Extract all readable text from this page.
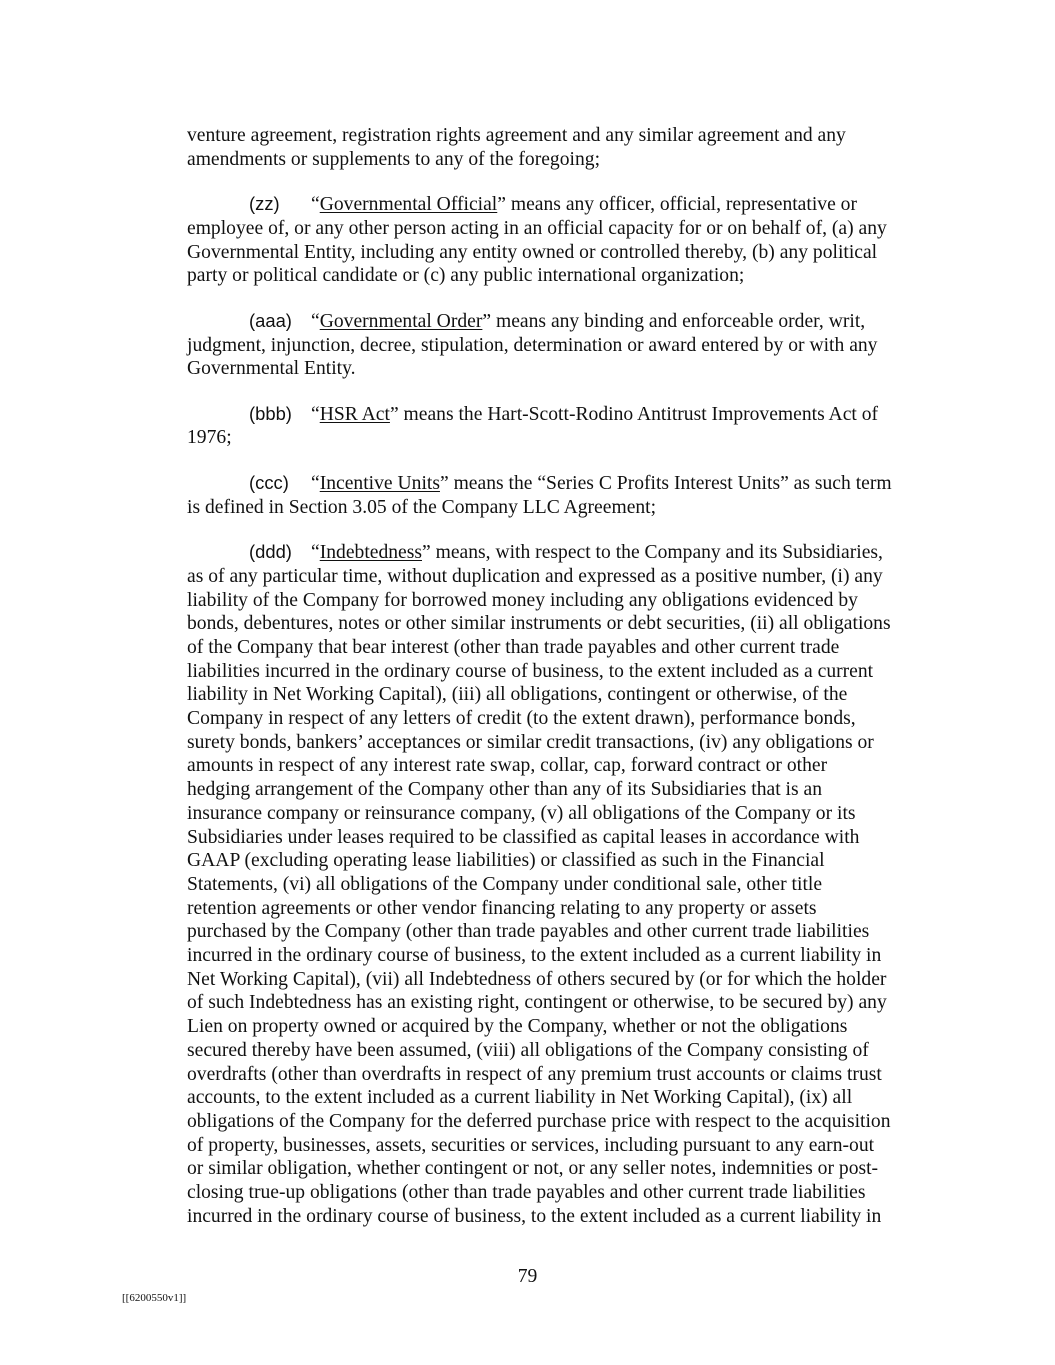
venture agreement, registration rights agreement and any similar agreement and any
amendments or supplements to any of the foregoing;
(zz) “Governmental Official” means any officer, official, representative or
employee of, or any other person acting in an official capacity for or on behalf of, (a) any
Governmental Entity, including any entity owned or controlled thereby, (b) any political
party or political candidate or (c) any public international organization;
(aaa) “Governmental Order” means any binding and enforceable order, writ,
judgment, injunction, decree, stipulation, determination or award entered by or with any
Governmental Entity.
(bbb) “HSR Act” means the Hart-Scott-Rodino Antitrust Improvements Act of
1976;
(ccc) “Incentive Units” means the “Series C Profits Interest Units” as such term
is defined in Section 3.05 of the Company LLC Agreement;
(ddd) “Indebtedness” means, with respect to the Company and its Subsidiaries,
as of any particular time, without duplication and expressed as a positive number, (i) any
liability of the Company for borrowed money including any obligations evidenced by
bonds, debentures, notes or other similar instruments or debt securities, (ii) all obligations
of the Company that bear interest (other than trade payables and other current trade
liabilities incurred in the ordinary course of business, to the extent included as a current
liability in Net Working Capital), (iii) all obligations, contingent or otherwise, of the
Company in respect of any letters of credit (to the extent drawn), performance bonds,
surety bonds, bankers’ acceptances or similar credit transactions, (iv) any obligations or
amounts in respect of any interest rate swap, collar, cap, forward contract or other
hedging arrangement of the Company other than any of its Subsidiaries that is an
insurance company or reinsurance company, (v) all obligations of the Company or its
Subsidiaries under leases required to be classified as capital leases in accordance with
GAAP (excluding operating lease liabilities) or classified as such in the Financial
Statements, (vi) all obligations of the Company under conditional sale, other title
retention agreements or other vendor financing relating to any property or assets
purchased by the Company (other than trade payables and other current trade liabilities
incurred in the ordinary course of business, to the extent included as a current liability in
Net Working Capital), (vii) all Indebtedness of others secured by (or for which the holder
of such Indebtedness has an existing right, contingent or otherwise, to be secured by) any
Lien on property owned or acquired by the Company, whether or not the obligations
secured thereby have been assumed, (viii) all obligations of the Company consisting of
overdrafts (other than overdrafts in respect of any premium trust accounts or claims trust
accounts, to the extent included as a current liability in Net Working Capital), (ix) all
obligations of the Company for the deferred purchase price with respect to the acquisition
of property, businesses, assets, securities or services, including pursuant to any earn-out
or similar obligation, whether contingent or not, or any seller notes, indemnities or post-
closing true-up obligations (other than trade payables and other current trade liabilities
incurred in the ordinary course of business, to the extent included as a current liability in
79
[[6200550v1]]
